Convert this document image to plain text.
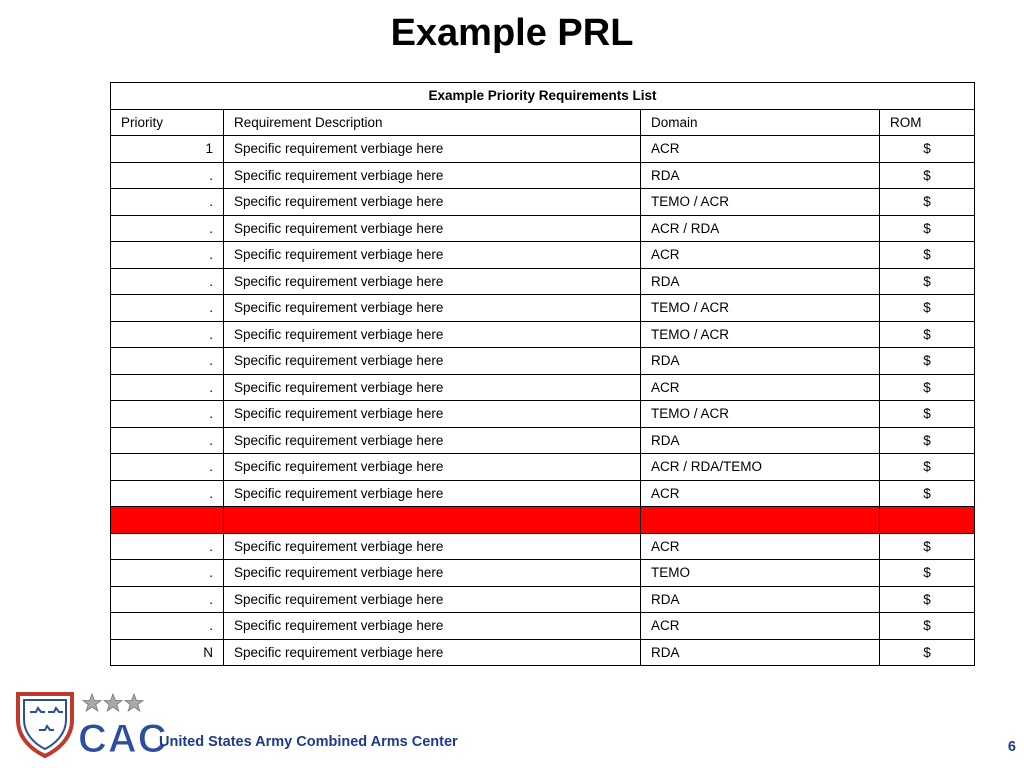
Example PRL
Example Priority Requirements List			
Priority	Requirement Description	Domain	ROM
1	Specific requirement verbiage here	ACR	$
.	Specific requirement verbiage here	RDA	$
.	Specific requirement verbiage here	TEMO / ACR	$
.	Specific requirement verbiage here	ACR / RDA	$
.	Specific requirement verbiage here	ACR	$
.	Specific requirement verbiage here	RDA	$
.	Specific requirement verbiage here	TEMO / ACR	$
.	Specific requirement verbiage here	TEMO / ACR	$
.	Specific requirement verbiage here	RDA	$
.	Specific requirement verbiage here	ACR	$
.	Specific requirement verbiage here	TEMO / ACR	$
.	Specific requirement verbiage here	RDA	$
.	Specific requirement verbiage here	ACR / RDA/TEMO	$
.	Specific requirement verbiage here	ACR	$

.	Specific requirement verbiage here	ACR	$
.	Specific requirement verbiage here	TEMO	$
.	Specific requirement verbiage here	RDA	$
.	Specific requirement verbiage here	ACR	$
N	Specific requirement verbiage here	RDA	$
CAC
United States Army Combined Arms Center	6
